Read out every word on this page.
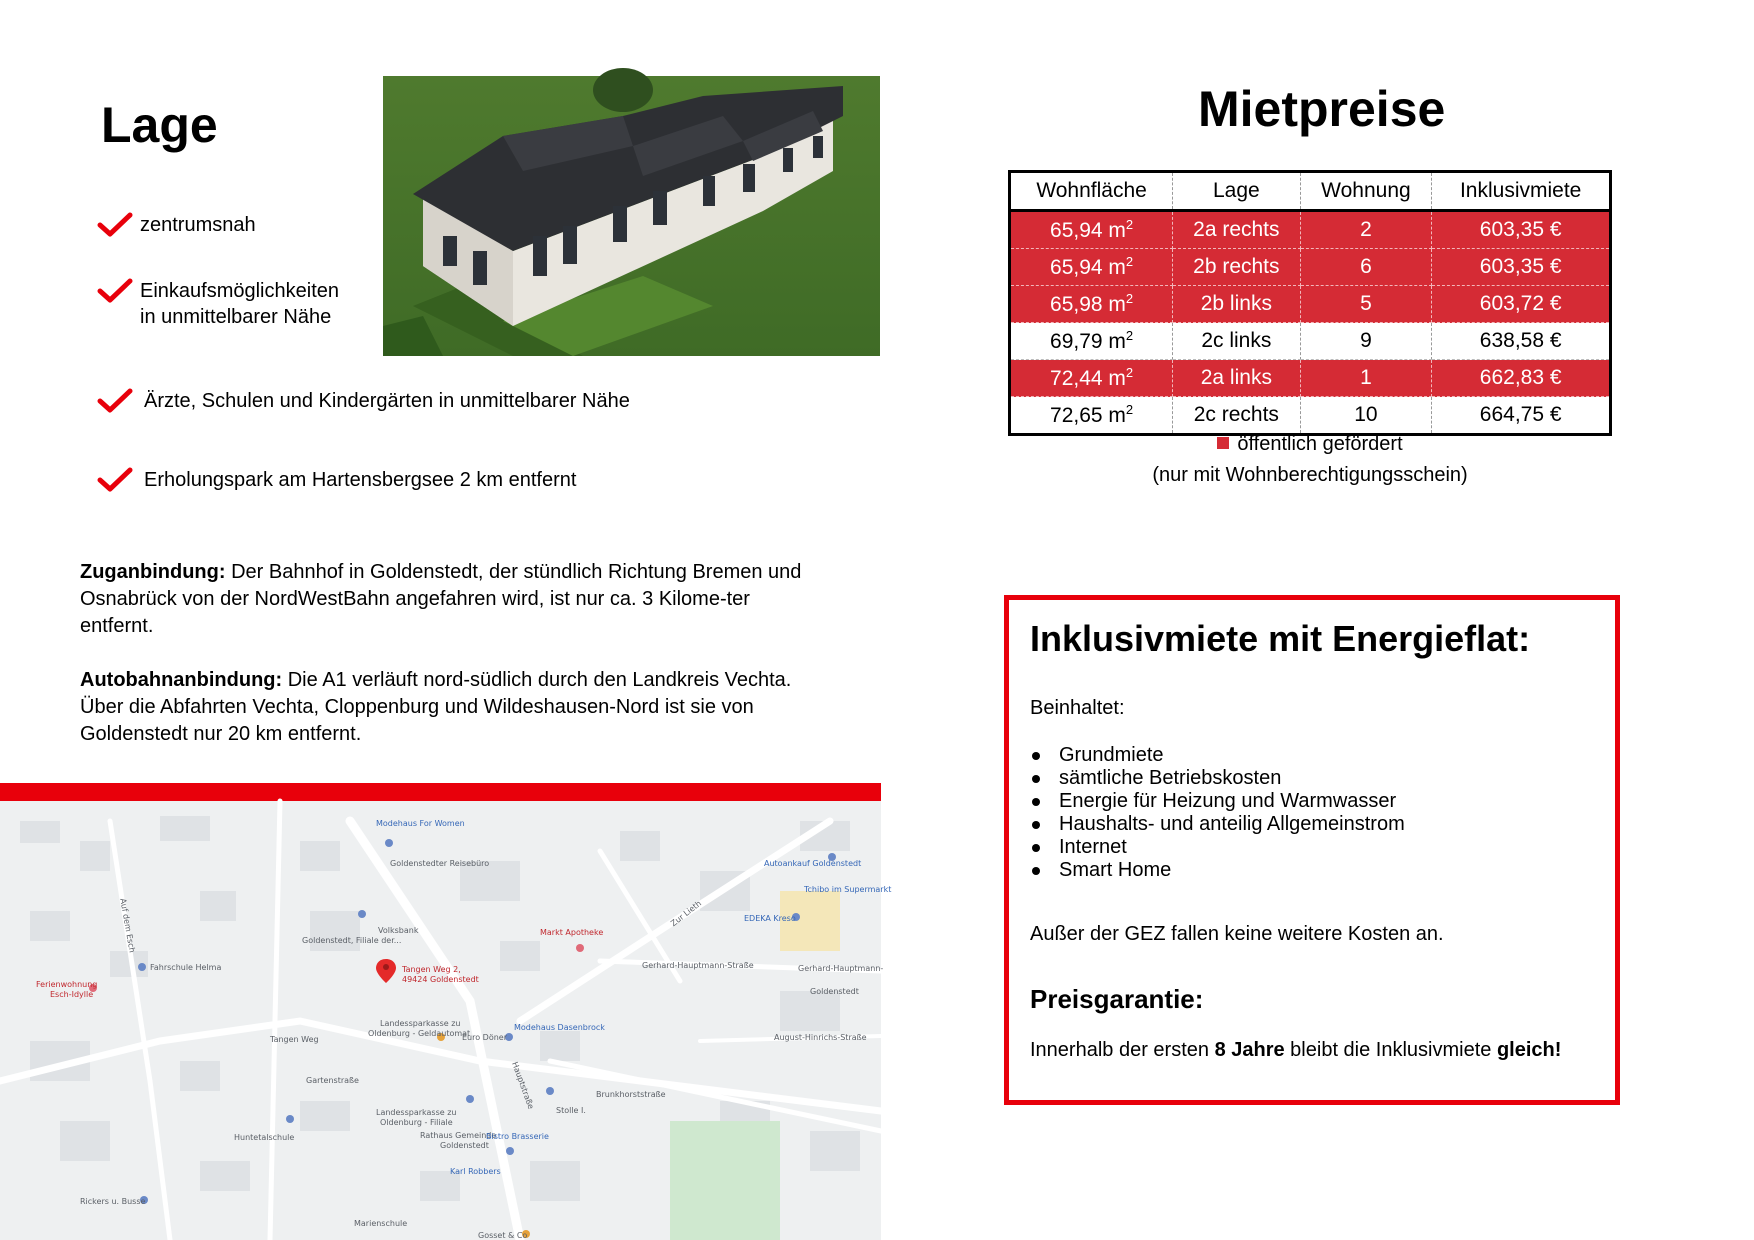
Lage
zentrumsnah
Einkaufsmöglichkeiten
in unmittelbarer Nähe
Ärzte, Schulen und Kindergärten in unmittelbarer Nähe
Erholungspark am Hartensbergsee 2 km entfernt
Zuganbindung: Der Bahnhof in Goldenstedt, der stündlich Richtung Bremen und Osnabrück von der NordWestBahn angefahren wird, ist nur ca. 3 Kilome-ter entfernt.
Autobahnanbindung: Die A1 verläuft nord-südlich durch den Landkreis Vechta. Über die Abfahrten Vechta, Cloppenburg und Wildeshausen-Nord ist sie von Goldenstedt nur 20 km entfernt.
Tangen Weg 2,
49424 Goldenstedt
Modehaus For Women
Goldenstedter Reisebüro
Volksbank
Goldenstedt, Filiale der...
Markt Apotheke
Autoankauf Goldenstedt
Tchibo im Supermarkt
EDEKA Kreso
Fahrschule Helma
Ferienwohnung
Esch-Idylle
Landessparkasse zu
Oldenburg - Geldautomat
Euro Döner
Modehaus Dasenbrock
Landessparkasse zu
Oldenburg - Filiale
Huntetalschule	Rathaus Gemeinde
Goldenstedt
Bistro Brasserie
Stolle I.
Karl Robbers
Rickers u. Busse
Marienschule
Gosset & Co
Gerhard-Hauptmann-Straße	Gerhard-Hauptmann-
Zur Lieth
Tangen Weg
Gartenstraße
Brunkhorststraße
August-Hinrichs-Straße
Hauptstraße
Auf dem Esch
Goldenstedt
Mietpreise
Wohnfläche	Lage	Wohnung	Inklusivmiete
65,94 $m^2$	2a rechts	2	603,35 €
65,94 $m^2$	2b rechts	6	603,35 €
65,98 $m^2$	2b links	5	603,72 €
69,79 $m^2$	2c links	9	638,58 €
72,44 $m^2$	2a links	1	662,83 €
72,65 $m^2$	2c rechts	10	664,75 €
öffentlich gefördert
(nur mit Wohnberechtigungsschein)
Inklusivmiete mit Energieflat:
Beinhaltet:
Grundmiete
sämtliche Betriebskosten
Energie für Heizung und Warmwasser
Haushalts- und anteilig Allgemeinstrom
Internet
Smart Home
Außer der GEZ fallen keine weitere Kosten an.
Preisgarantie:
Innerhalb der ersten 8 Jahre bleibt die Inklusivmiete gleich!
